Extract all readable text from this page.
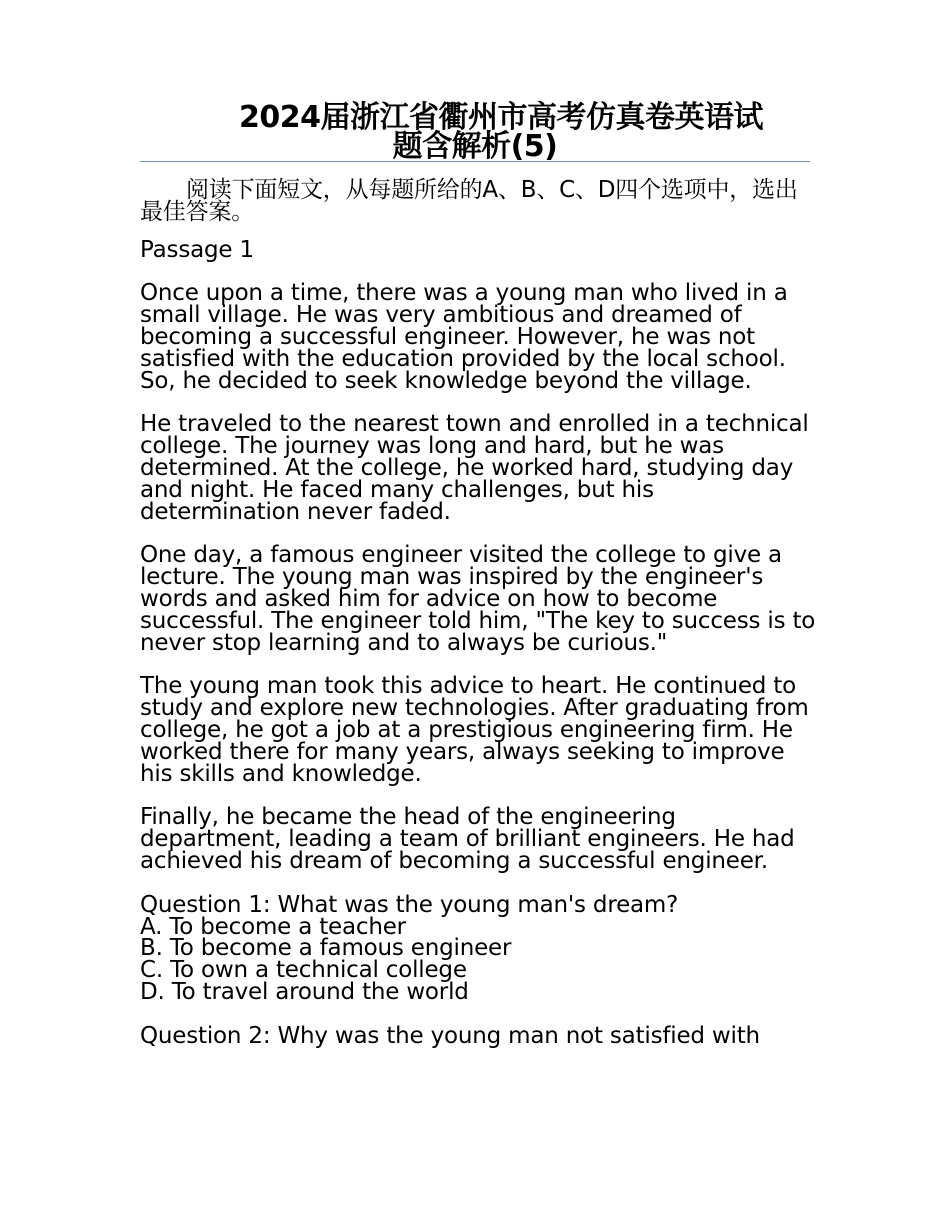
2024届浙江省衢州市高考仿真卷英语试
题含解析(5)

阅读下面短文，从每题所给的A、B、C、D四个选项中，选出最佳答案。

Passage 1

Once upon a time, there was a young man who lived in a small village. He was very ambitious and dreamed of becoming a successful engineer. However, he was not satisfied with the education provided by the local school. So, he decided to seek knowledge beyond the village.

He traveled to the nearest town and enrolled in a technical college. The journey was long and hard, but he was determined. At the college, he worked hard, studying day and night. He faced many challenges, but his determination never faded.

One day, a famous engineer visited the college to give a lecture. The young man was inspired by the engineer's words and asked him for advice on how to become successful. The engineer told him, "The key to success is to never stop learning and to always be curious."

The young man took this advice to heart. He continued to study and explore new technologies. After graduating from college, he got a job at a prestigious engineering firm. He worked there for many years, always seeking to improve his skills and knowledge.

Finally, he became the head of the engineering department, leading a team of brilliant engineers. He had achieved his dream of becoming a successful engineer.

Question 1: What was the young man's dream?

A. To become a teacher
B. To become a famous engineer
C. To own a technical college
D. To travel around the world

Question 2: Why was the young man not satisfied with
